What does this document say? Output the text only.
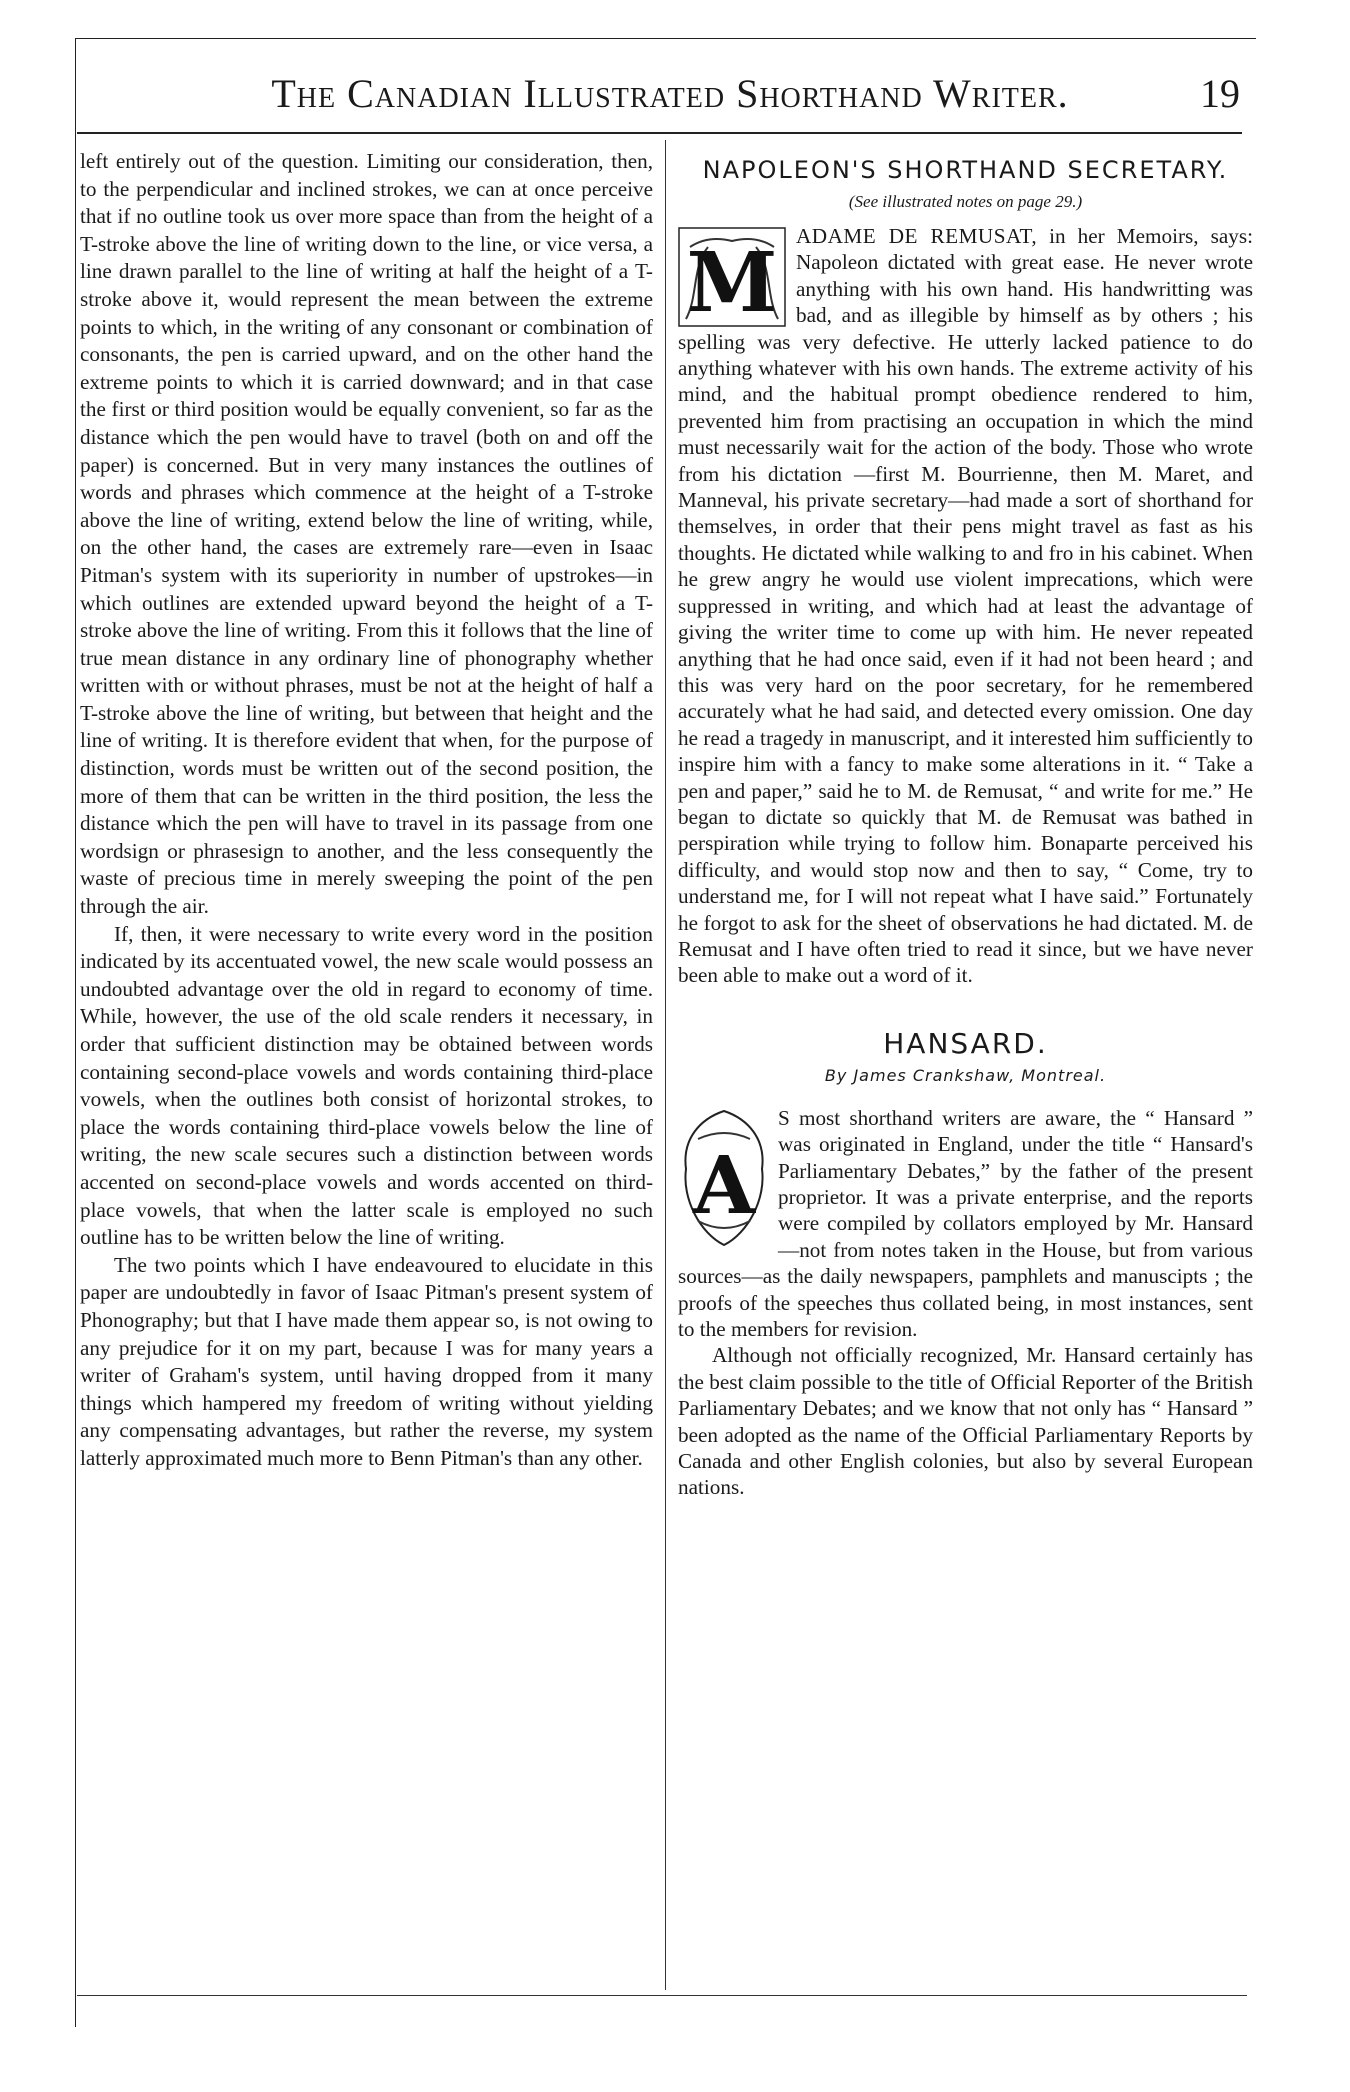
The Canadian Illustrated Shorthand Writer.	19

left entirely out of the question. Limiting our consideration, then, to the perpendicular and inclined strokes, we can at once perceive that if no outline took us over more space than from the height of a T-stroke above the line of writing down to the line, or vice versa, a line drawn parallel to the line of writing at half the height of a T-stroke above it, would represent the mean between the extreme points to which, in the writing of any consonant or combination of consonants, the pen is carried upward, and on the other hand the extreme points to which it is carried downward; and in that case the first or third position would be equally convenient, so far as the distance which the pen would have to travel (both on and off the paper) is concerned. But in very many instances the outlines of words and phrases which commence at the height of a T-stroke above the line of writing, extend below the line of writing, while, on the other hand, the cases are extremely rare—even in Isaac Pitman's system with its superiority in number of upstrokes—in which outlines are extended upward beyond the height of a T-stroke above the line of writing. From this it follows that the line of true mean distance in any ordinary line of phonography whether written with or without phrases, must be not at the height of half a T-stroke above the line of writing, but between that height and the line of writing. It is therefore evident that when, for the purpose of distinction, words must be written out of the second position, the more of them that can be written in the third position, the less the distance which the pen will have to travel in its passage from one wordsign or phrasesign to another, and the less consequently the waste of precious time in merely sweeping the point of the pen through the air.

If, then, it were necessary to write every word in the position indicated by its accentuated vowel, the new scale would possess an undoubted advantage over the old in regard to economy of time. While, however, the use of the old scale renders it necessary, in order that sufficient distinction may be obtained between words containing second-place vowels and words containing third-place vowels, when the outlines both consist of horizontal strokes, to place the words containing third-place vowels below the line of writing, the new scale secures such a distinction between words accented on second-place vowels and words accented on third-place vowels, that when the latter scale is employed no such outline has to be written below the line of writing.

The two points which I have endeavoured to elucidate in this paper are undoubtedly in favor of Isaac Pitman's present system of Phonography; but that I have made them appear so, is not owing to any prejudice for it on my part, because I was for many years a writer of Graham's system, until having dropped from it many things which hampered my freedom of writing without yielding any compensating advantages, but rather the reverse, my system latterly approximated much more to Benn Pitman's than any other.

NAPOLEON'S SHORTHAND SECRETARY.
(See illustrated notes on page 29.)

M ADAME DE REMUSAT, in her Memoirs, says: Napoleon dictated with great ease. He never wrote anything with his own hand. His handwritting was bad, and as illegible by himself as by others ; his spelling was very defective. He utterly lacked patience to do anything whatever with his own hands. The extreme activity of his mind, and the habitual prompt obedience rendered to him, prevented him from practising an occupation in which the mind must necessarily wait for the action of the body. Those who wrote from his dictation —first M. Bourrienne, then M. Maret, and Manneval, his private secretary—had made a sort of shorthand for themselves, in order that their pens might travel as fast as his thoughts. He dictated while walking to and fro in his cabinet. When he grew angry he would use violent imprecations, which were suppressed in writing, and which had at least the advantage of giving the writer time to come up with him. He never repeated anything that he had once said, even if it had not been heard ; and this was very hard on the poor secretary, for he remembered accurately what he had said, and detected every omission. One day he read a tragedy in manuscript, and it interested him sufficiently to inspire him with a fancy to make some alterations in it. “ Take a pen and paper,” said he to M. de Remusat, “ and write for me.” He began to dictate so quickly that M. de Remusat was bathed in perspiration while trying to follow him. Bonaparte perceived his difficulty, and would stop now and then to say, “ Come, try to understand me, for I will not repeat what I have said.” Fortunately he forgot to ask for the sheet of observations he had dictated. M. de Remusat and I have often tried to read it since, but we have never been able to make out a word of it.

HANSARD.
By James Crankshaw, Montreal.

A
S most shorthand writers are aware, the “ Hansard ” was originated in England, under the title “ Hansard's Parliamentary Debates,” by the father of the present proprietor. It was a private enterprise, and the reports were compiled by collators employed by Mr. Hansard—not from notes taken in the House, but from various sources—as the daily newspapers, pamphlets and manuscipts ; the proofs of the speeches thus collated being, in most instances, sent to the members for revision.

Although not officially recognized, Mr. Hansard certainly has the best claim possible to the title of Official Reporter of the British Parliamentary Debates; and we know that not only has “ Hansard ” been adopted as the name of the Official Parliamentary Reports by Canada and other English colonies, but also by several European nations.
